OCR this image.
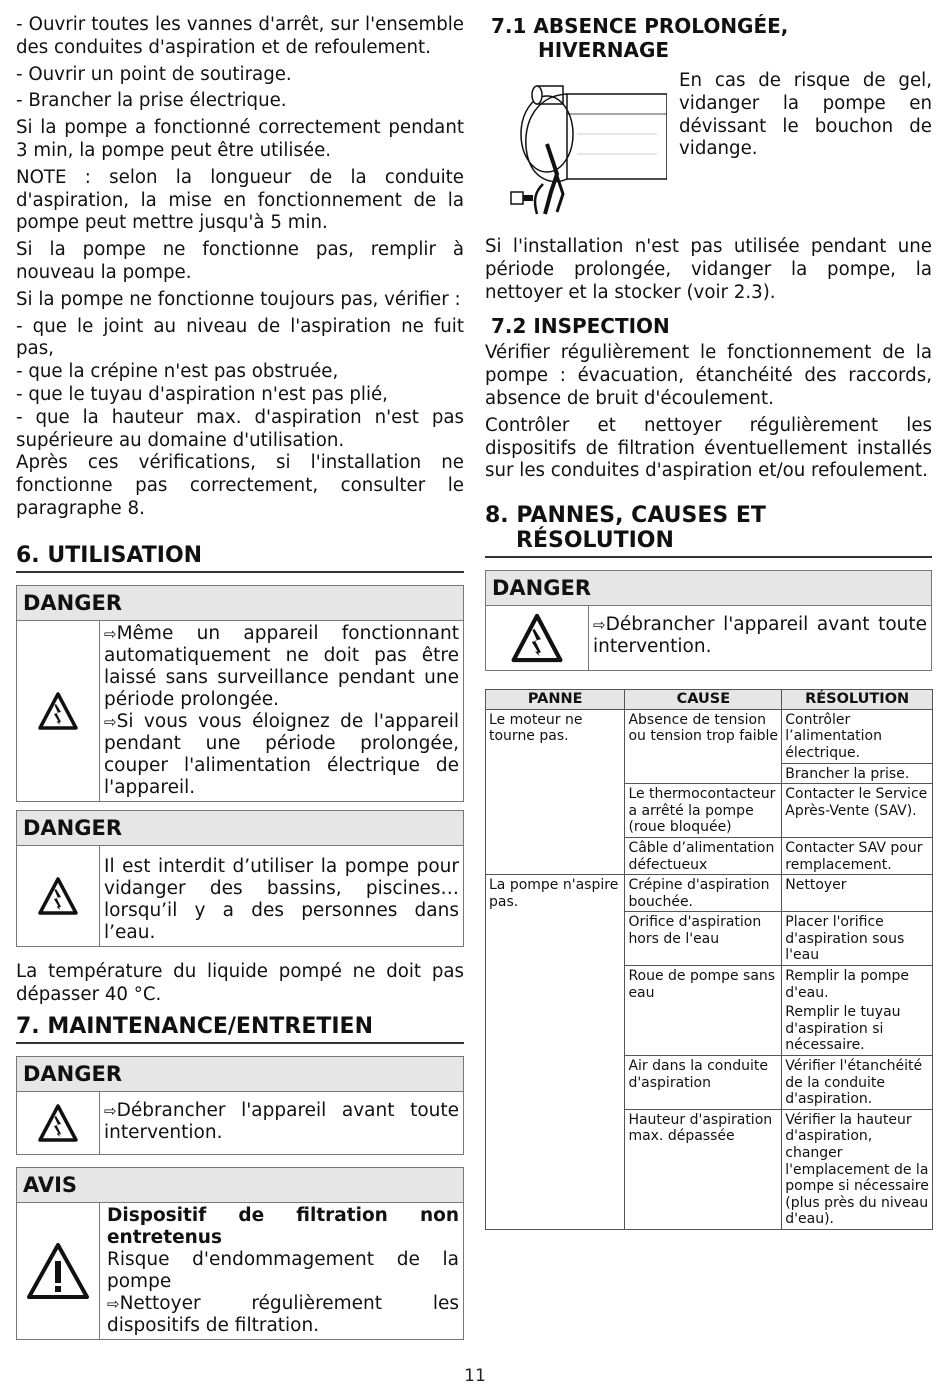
- Ouvrir toutes les vannes d'arrêt, sur l'ensemble des conduites d'aspiration et de refoulement.

- Ouvrir un point de soutirage.

- Brancher la prise électrique.

Si la pompe a fonctionné correctement pendant 3 min, la pompe peut être utilisée.

NOTE : selon la longueur de la conduite d'aspiration, la mise en fonctionnement de la pompe peut mettre jusqu'à 5 min.

Si la pompe ne fonctionne pas, remplir à nouveau la pompe.

Si la pompe ne fonctionne toujours pas, vérifier :

- que le joint au niveau de l'aspiration ne fuit pas,

- que la crépine n'est pas obstruée,

- que le tuyau d'aspiration n'est pas plié,

- que la hauteur max. d'aspiration n'est pas supérieure au domaine d'utilisation.

Après ces vérifications, si l'installation ne fonctionne pas correctement, consulter le paragraphe 8.

6. UTILISATION
DANGER

⇨Même un appareil fonctionnant automatiquement ne doit pas être laissé sans surveillance pendant une période prolongée.

⇨Si vous vous éloignez de l'appareil pendant une période prolongée, couper l'alimentation électrique de l'appareil.

DANGER

Il est interdit d’utiliser la pompe pour vidanger des bassins, piscines… lorsqu’il y a des personnes dans l’eau.

La température du liquide pompé ne doit pas dépasser 40 °C.

7. MAINTENANCE/ENTRETIEN
DANGER

⇨Débrancher l'appareil avant toute intervention.

AVIS

Dispositif de filtration non entretenus

Risque d'endommagement de la pompe

⇨Nettoyer régulièrement les dispositifs de filtration.

7.1 ABSENCE PROLONGÉE,
HIVERNAGE

En cas de risque de gel, vidanger la pompe en dévissant le bouchon de vidange.

Si l'installation n'est pas utilisée pendant une période prolongée, vidanger la pompe, la nettoyer et la stocker (voir 2.3).

7.2 INSPECTION

Vérifier régulièrement le fonctionnement de la pompe : évacuation, étanchéité des raccords, absence de bruit d'écoulement.

Contrôler et nettoyer régulièrement les dispositifs de filtration éventuellement installés sur les conduites d'aspiration et/ou refoulement.

8. PANNES, CAUSES ET
RÉSOLUTION
DANGER

⇨Débrancher l'appareil avant toute intervention.

PANNE	CAUSE	RÉSOLUTION
Le moteur ne tourne pas.	Absence de tension ou tension trop faible	Contrôler l’alimentation électrique.
		Brancher la prise.
	Le thermocontacteur a arrêté la pompe (roue bloquée)	Contacter le Service Après-Vente (SAV).
	Câble d’alimentation défectueux	Contacter SAV pour remplacement.
La pompe n'aspire pas.	Crépine d'aspiration bouchée.	Nettoyer
	Orifice d'aspiration hors de l'eau	Placer l'orifice d'aspiration sous l'eau
	Roue de pompe sans eau	Remplir la pompe d'eau.
Remplir le tuyau d'aspiration si nécessaire.

	Air dans la conduite d'aspiration	Vérifier l'étanchéité de la conduite d'aspiration.
	Hauteur d'aspiration max. dépassée	Vérifier la hauteur d'aspiration, changer l'emplacement de la pompe si nécessaire (plus près du niveau d'eau).
11
